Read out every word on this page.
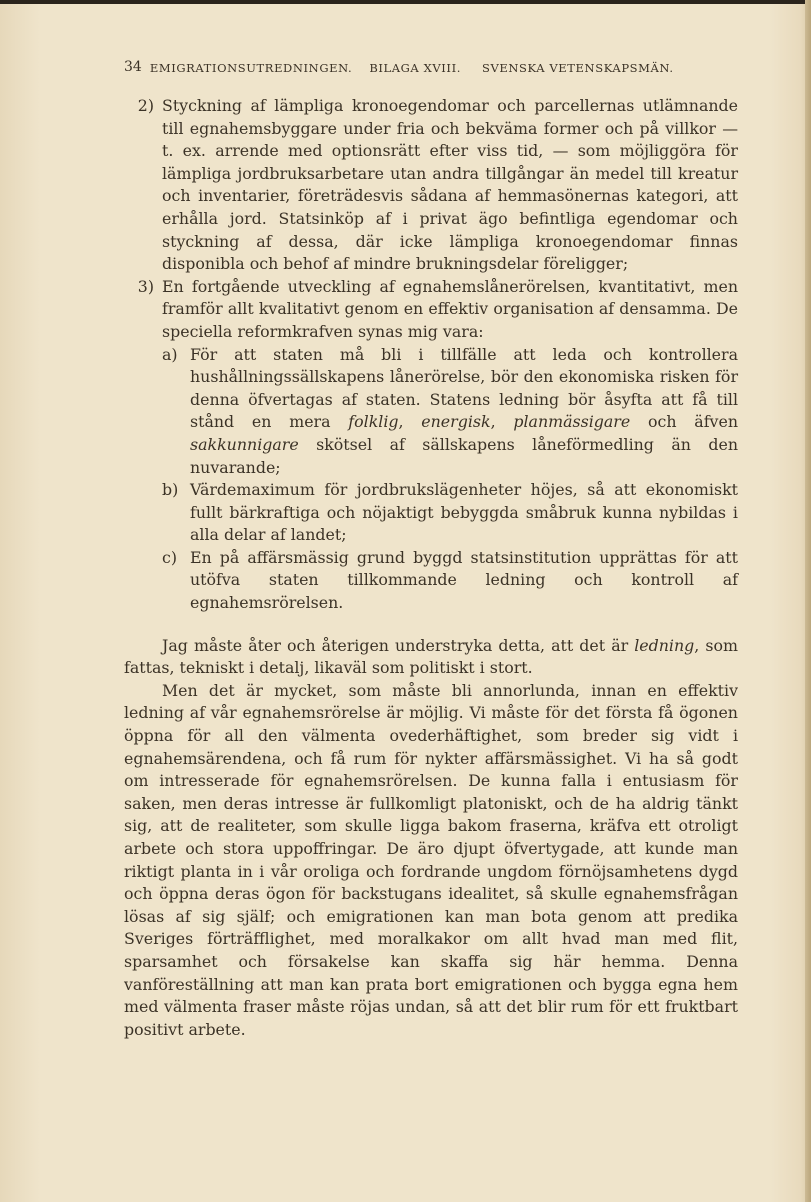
34 EMIGRATIONSUTREDNINGEN. BILAGA XVIII. SVENSKA VETENSKAPSMÄN.
2) Styckning af lämpliga kronoegendomar och parcellernas utlämnande till egnahemsbyggare under fria och bekväma former och på villkor — t. ex. arrende med optionsrätt efter viss tid, — som möjliggöra för lämpliga jordbruksarbetare utan andra tillgångar än medel till kreatur och inventarier, företrädesvis sådana af hemmasönernas kategori, att erhålla jord. Statsinköp af i privat ägo befintliga egendomar och styckning af dessa, där icke lämpliga kronoegendomar finnas disponibla och behof af mindre brukningsdelar föreligger;
3) En fortgående utveckling af egnahemslånerörelsen, kvantitativt, men framför allt kvalitativt genom en effektiv organisation af densamma. De speciella reformkrafven synas mig vara:

a) För att staten må bli i tillfälle att leda och kontrollera hushållningssällskapens lånerörelse, bör den ekonomiska risken för denna öfvertagas af staten. Statens ledning bör åsyfta att få till stånd en mera folklig, energisk, planmässigare och äfven sakkunnigare skötsel af sällskapens låneförmedling än den nuvarande;
b) Värdemaximum för jordbrukslägenheter höjes, så att ekonomiskt fullt bärkraftiga och nöjaktigt bebyggda småbruk kunna nybildas i alla delar af landet;
c) En på affärsmässig grund byggd statsinstitution upprättas för att utöfva staten tillkommande ledning och kontroll af egnahemsrörelsen.

Jag måste åter och återigen understryka detta, att det är ledning, som fattas, tekniskt i detalj, likaväl som politiskt i stort.

Men det är mycket, som måste bli annorlunda, innan en effektiv ledning af vår egnahemsrörelse är möjlig. Vi måste för det första få ögonen öppna för all den välmenta ovederhäftighet, som breder sig vidt i egnahemsärendena, och få rum för nykter affärsmässighet. Vi ha så godt om intresserade för egnahemsrörelsen. De kunna falla i entusiasm för saken, men deras intresse är fullkomligt platoniskt, och de ha aldrig tänkt sig, att de realiteter, som skulle ligga bakom fraserna, kräfva ett otroligt arbete och stora uppoffringar. De äro djupt öfvertygade, att kunde man riktigt planta in i vår oroliga och fordrande ungdom förnöjsamhetens dygd och öppna deras ögon för backstugans idealitet, så skulle egnahemsfrågan lösas af sig själf; och emigrationen kan man bota genom att predika Sveriges förträfflighet, med moralkakor om allt hvad man med flit, sparsamhet och försakelse kan skaffa sig här hemma. Denna vanföreställning att man kan prata bort emigrationen och bygga egna hem med välmenta fraser måste röjas undan, så att det blir rum för ett fruktbart positivt arbete.
